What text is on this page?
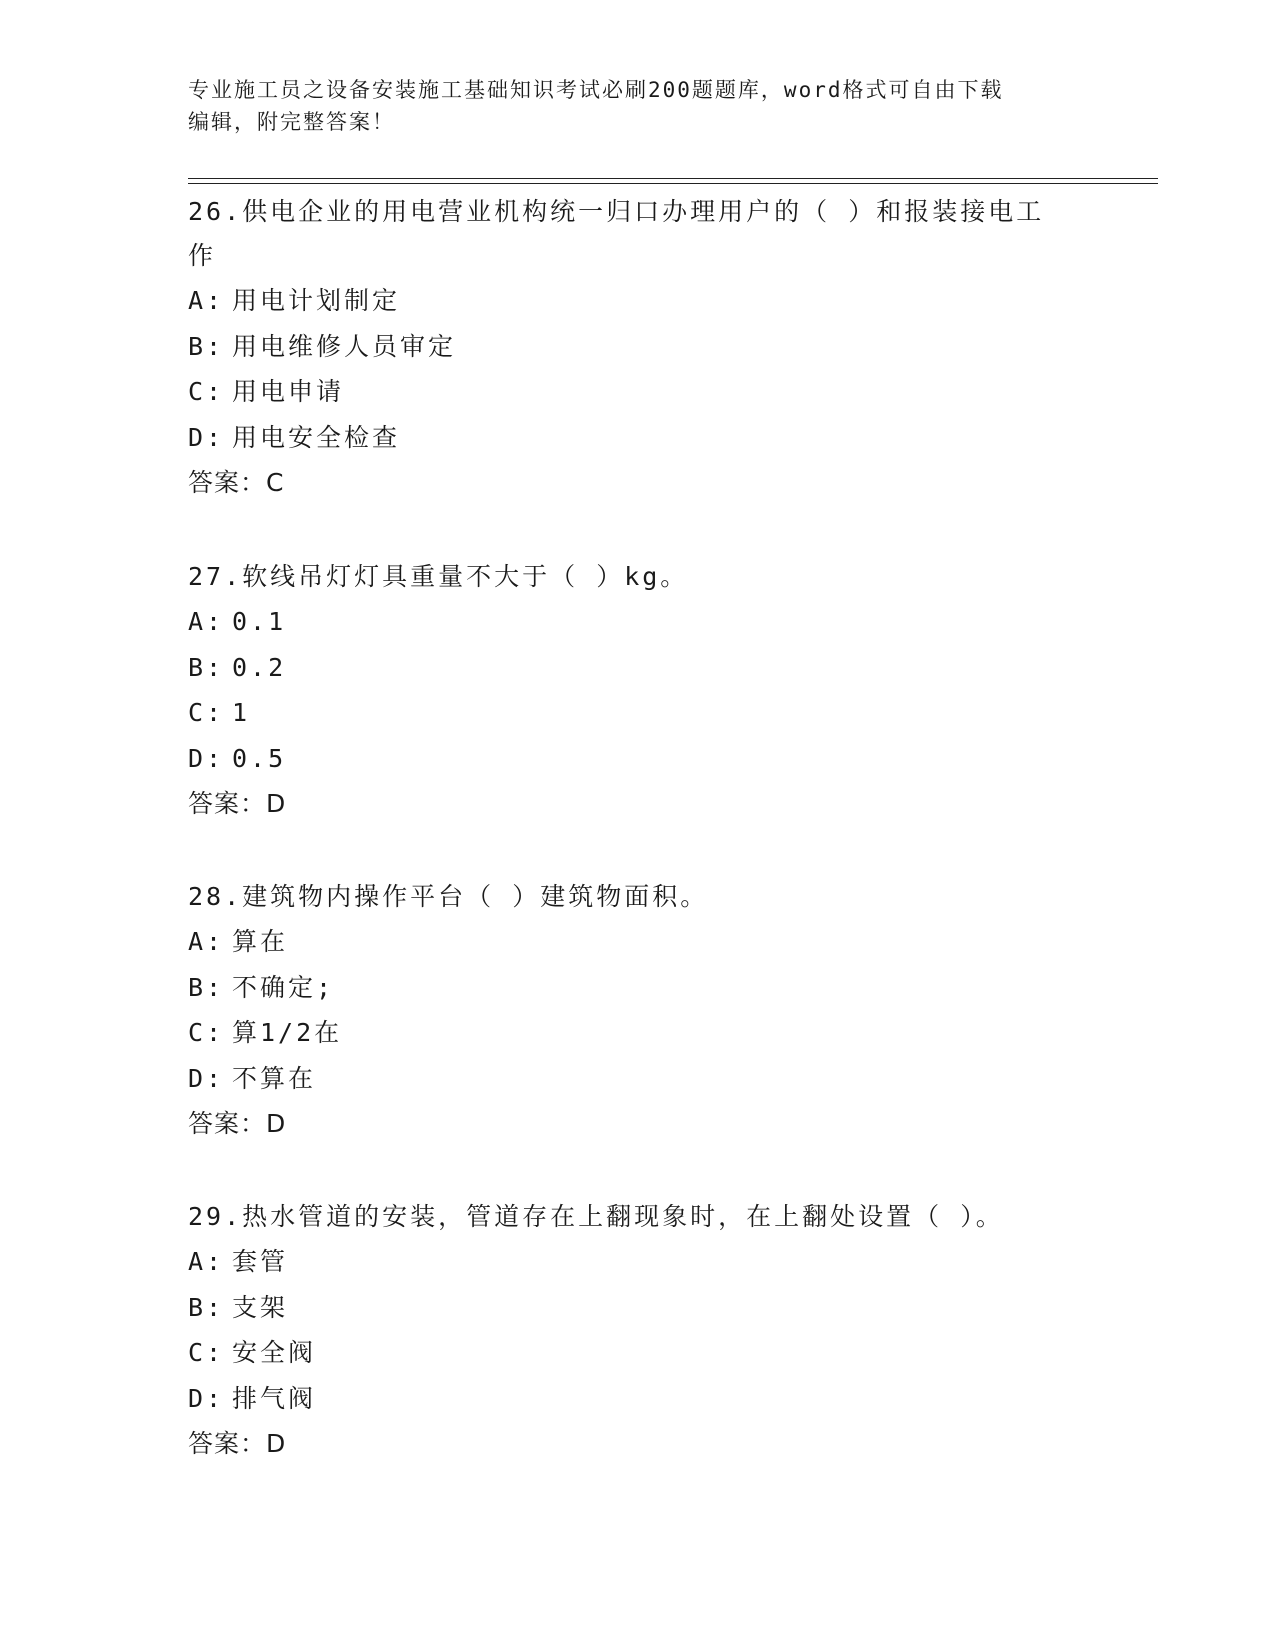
专业施工员之设备安装施工基础知识考试必刷200题题库，word格式可自由下载
编辑，附完整答案！
26.供电企业的用电营业机构统一归口办理用户的（ ）和报装接电工作
A: 用电计划制定
B: 用电维修人员审定
C: 用电申请
D: 用电安全检查
答案：C
27.软线吊灯灯具重量不大于（ ）kg。
A: 0.1
B: 0.2
C: 1
D: 0.5
答案：D
28.建筑物内操作平台（ ）建筑物面积。
A: 算在
B: 不确定;
C: 算1/2在
D: 不算在
答案：D
29.热水管道的安装，管道存在上翻现象时，在上翻处设置（ ）。
A: 套管
B: 支架
C: 安全阀
D: 排气阀
答案：D
